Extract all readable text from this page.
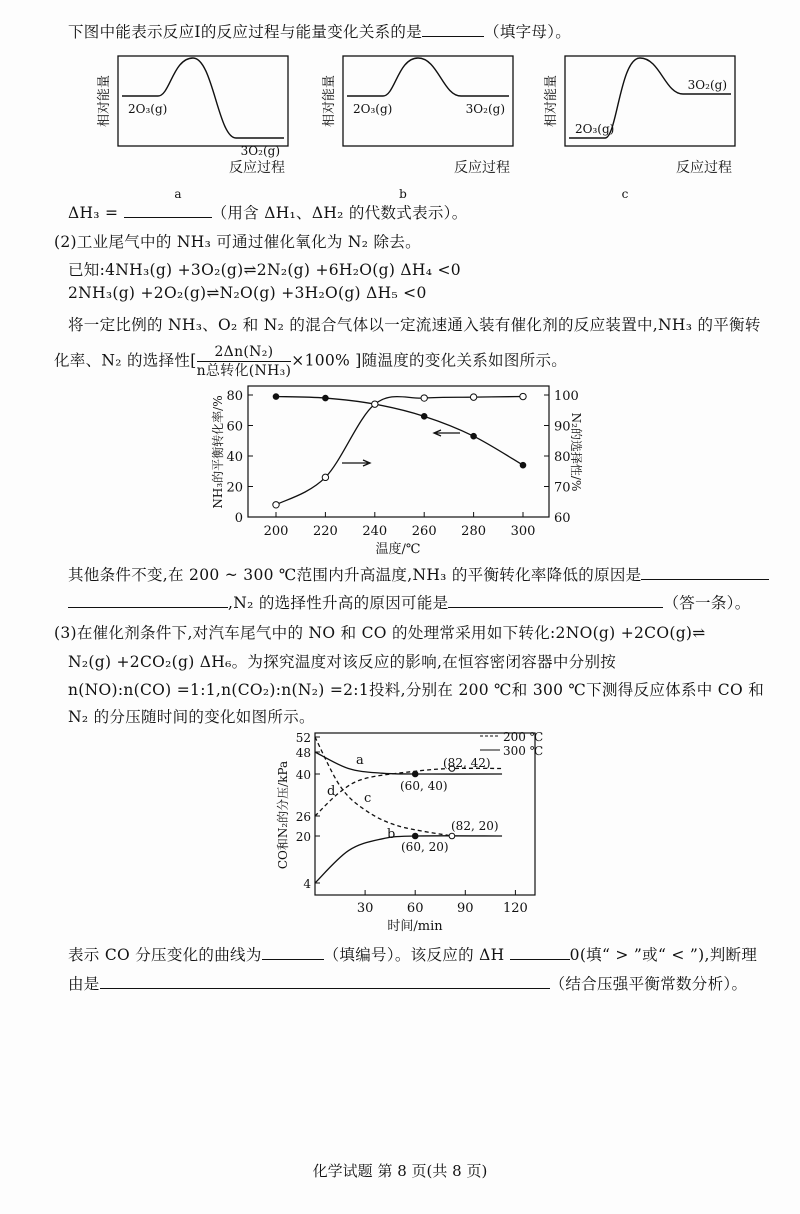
下图中能表示反应Ⅰ的反应过程与能量变化关系的是	（填字母）。
相对能量
反应过程
a
2O₃(g)
3O₂(g)
相对能量
反应过程
b
2O₃(g)	3O₂(g)	相对能量
反应过程
c
2O₃(g)
3O₂(g)
ΔH₃ =	（用含 ΔH₁、ΔH₂ 的代数式表示）。
(2)工业尾气中的 NH₃ 可通过催化氧化为 N₂ 除去。
已知:4NH₃(g) +3O₂(g)⇌2N₂(g) +6H₂O(g) ΔH₄ <0
2NH₃(g) +2O₂(g)⇌N₂O(g) +3H₂O(g) ΔH₅ <0
将一定比例的 NH₃、O₂ 和 N₂ 的混合气体以一定流速通入装有催化剂的反应装置中,NH₃ 的平衡转
化率、N₂ 的选择性[	2Δn(N₂)
n总转化(NH₃)
×100% ]随温度的变化关系如图所示。
200 220 240 260 280 300
0
20
40
60
80
60
70
80
90
100
温度/℃
NH₃的平衡转化率/%	N₂的选择性/%
其他条件不变,在 200 ~ 300 ℃范围内升高温度,NH₃ 的平衡转化率降低的原因是
,N₂ 的选择性升高的原因可能是	（答一条）。
(3)在催化剂条件下,对汽车尾气中的 NO 和 CO 的处理常采用如下转化:2NO(g) +2CO(g)⇌
N₂(g) +2CO₂(g) ΔH₆。为探究温度对该反应的影响,在恒容密闭容器中分别按
n(NO):n(CO) =1:1,n(CO₂):n(N₂) =2:1投料,分别在 200 ℃和 300 ℃下测得反应体系中 CO 和
N₂ 的分压随时间的变化如图所示。
30	60	90 120
4
20
26
40
48
52
时间/min
CO和N₂的分压/kPa
a
b
c
d
(82, 42)
(60, 40)
(82, 20)
(60, 20)
200 ℃
300 ℃
表示 CO 分压变化的曲线为	（填编号）。该反应的 ΔH	0(填“ > ”或“ < ”),判断理
由是	（结合压强平衡常数分析）。
化学试题 第 8 页(共 8 页)
